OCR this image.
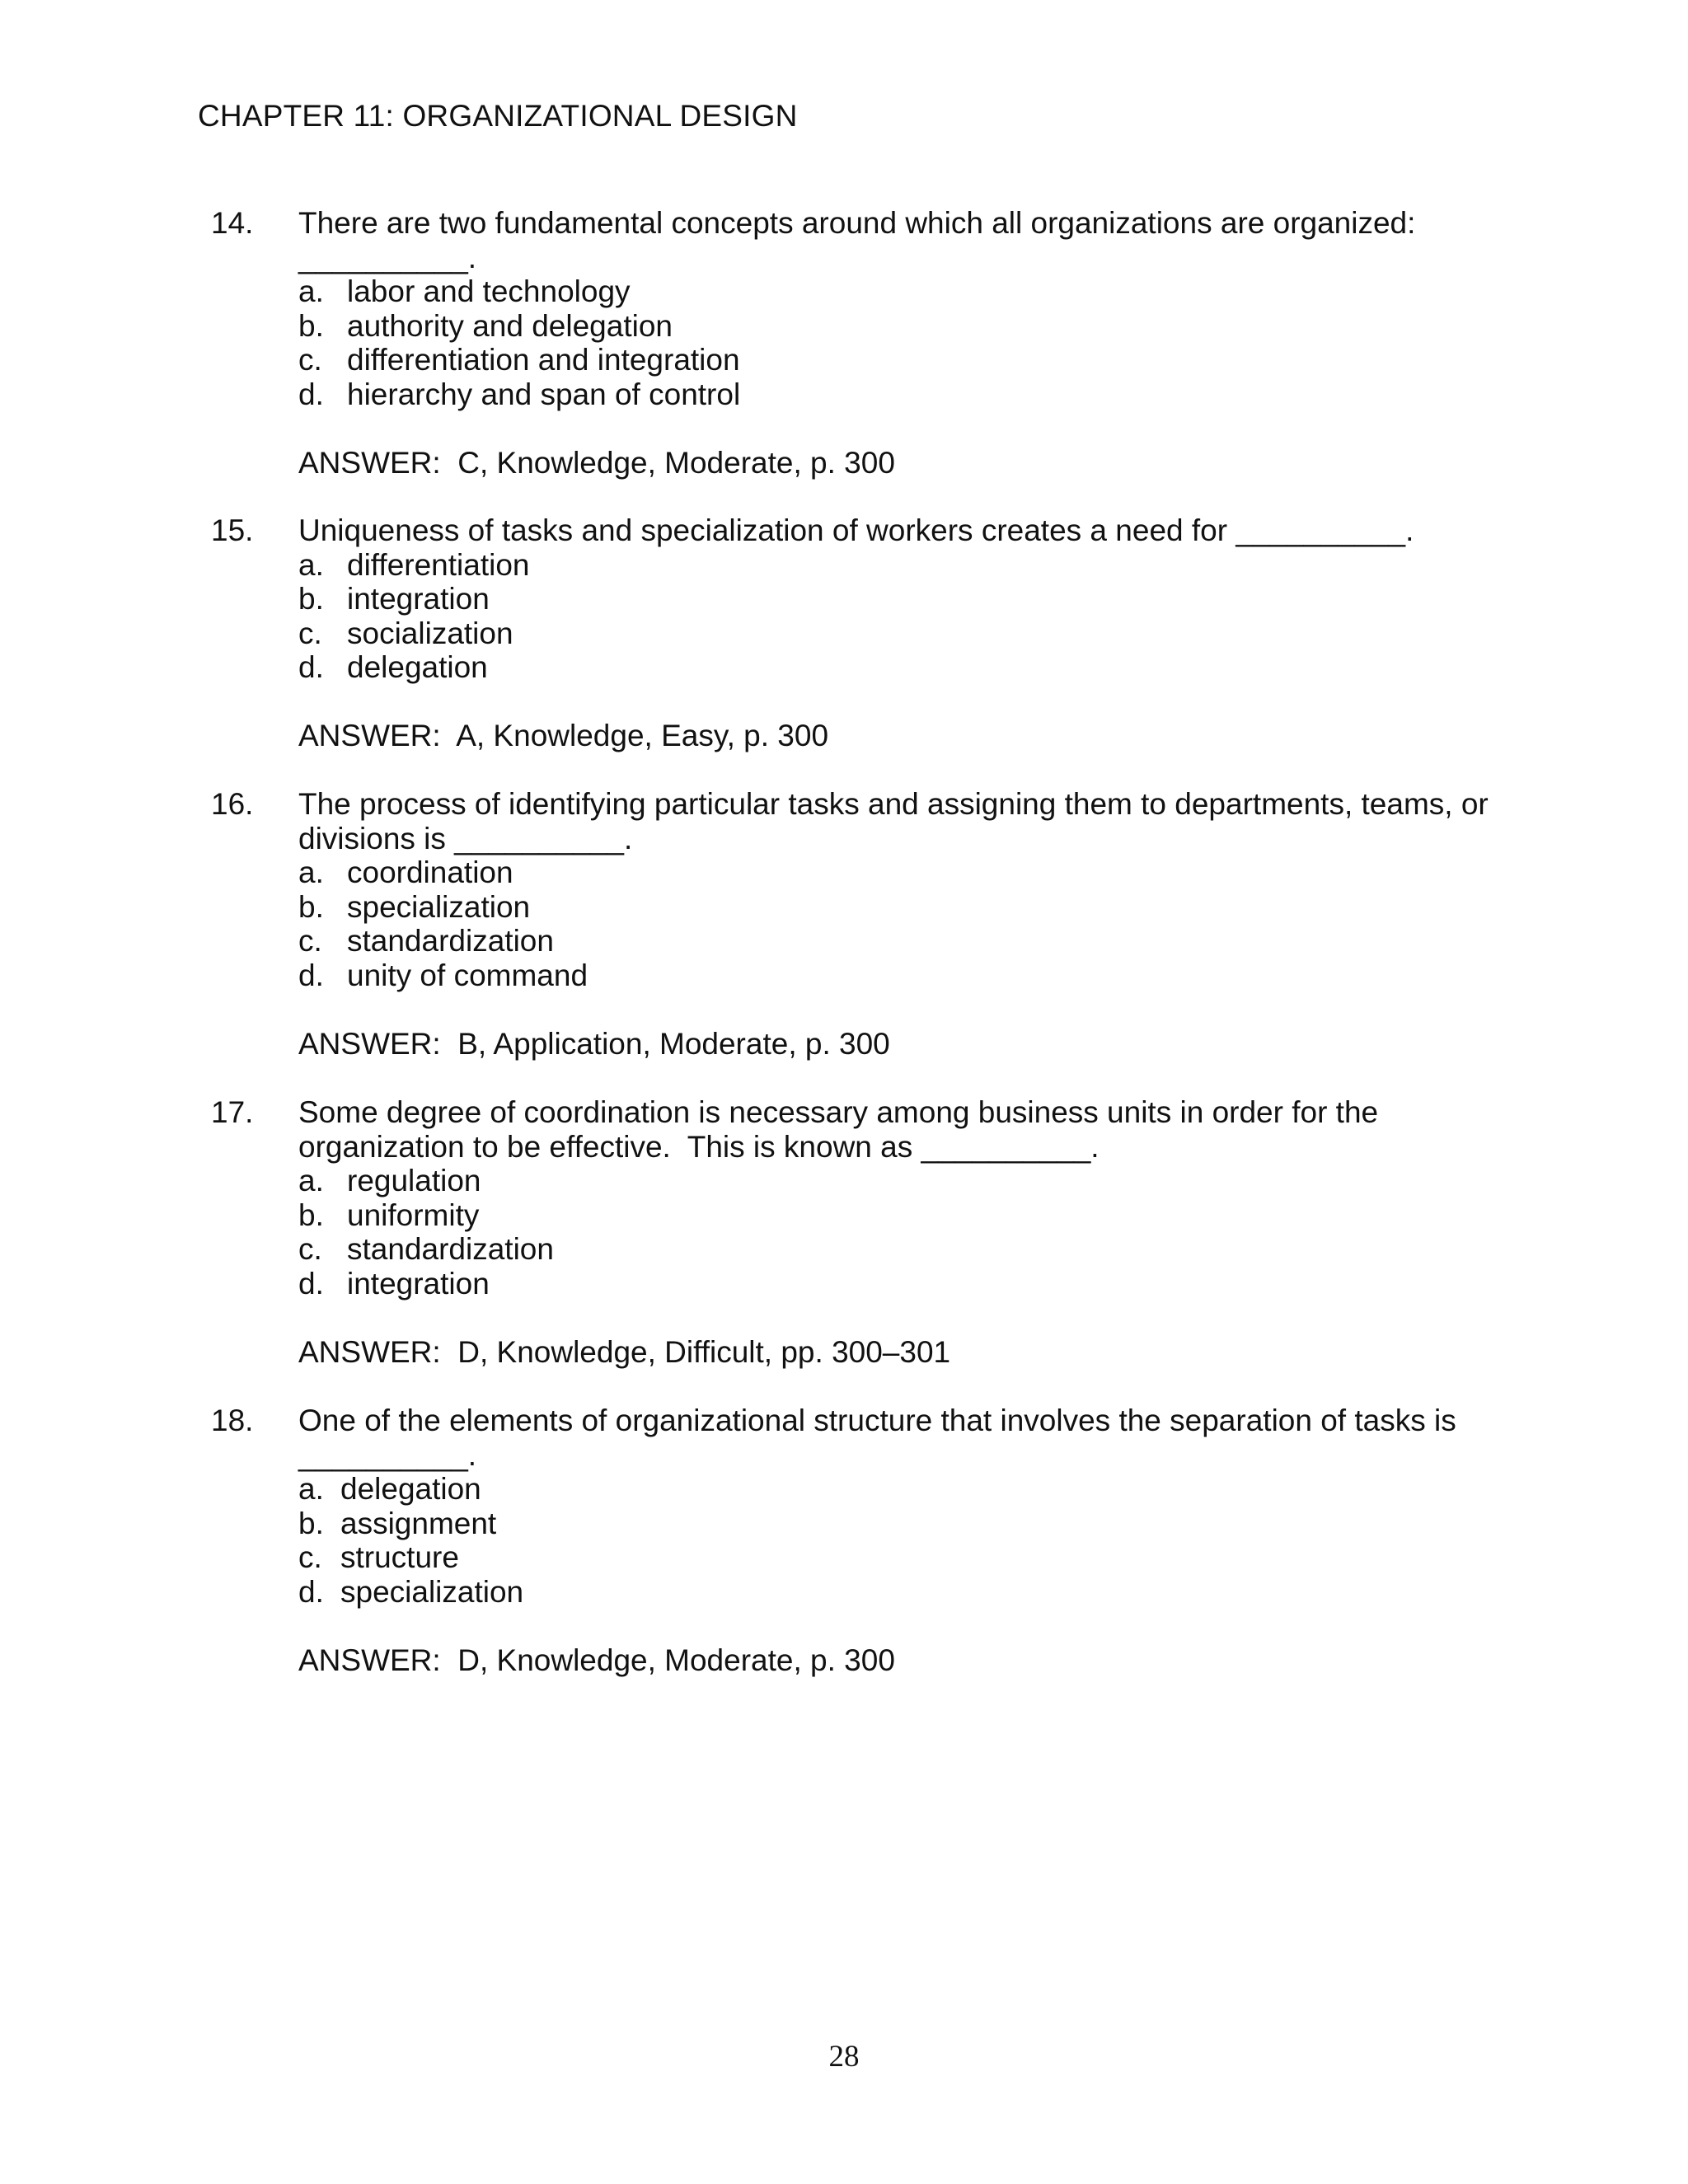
CHAPTER 11: ORGANIZATIONAL DESIGN
14.	There are two fundamental concepts around which all organizations are organized:
__________.
a. labor and technology
b. authority and delegation
c. differentiation and integration
d. hierarchy and span of control
ANSWER:  C, Knowledge, Moderate, p. 300
15.	Uniqueness of tasks and specialization of workers creates a need for __________.
a. differentiation
b. integration
c. socialization
d. delegation
ANSWER:  A, Knowledge, Easy, p. 300
16.	The process of identifying particular tasks and assigning them to departments, teams, or
divisions is __________.
a. coordination
b. specialization
c. standardization
d. unity of command
ANSWER:  B, Application, Moderate, p. 300
17.	Some degree of coordination is necessary among business units in order for the
organization to be effective.  This is known as __________.
a. regulation
b. uniformity
c. standardization
d. integration
ANSWER:  D, Knowledge, Difficult, pp. 300–301
18.	One of the elements of organizational structure that involves the separation of tasks is
__________.
a. delegation
b. assignment
c. structure
d. specialization
ANSWER:  D, Knowledge, Moderate, p. 300
28
